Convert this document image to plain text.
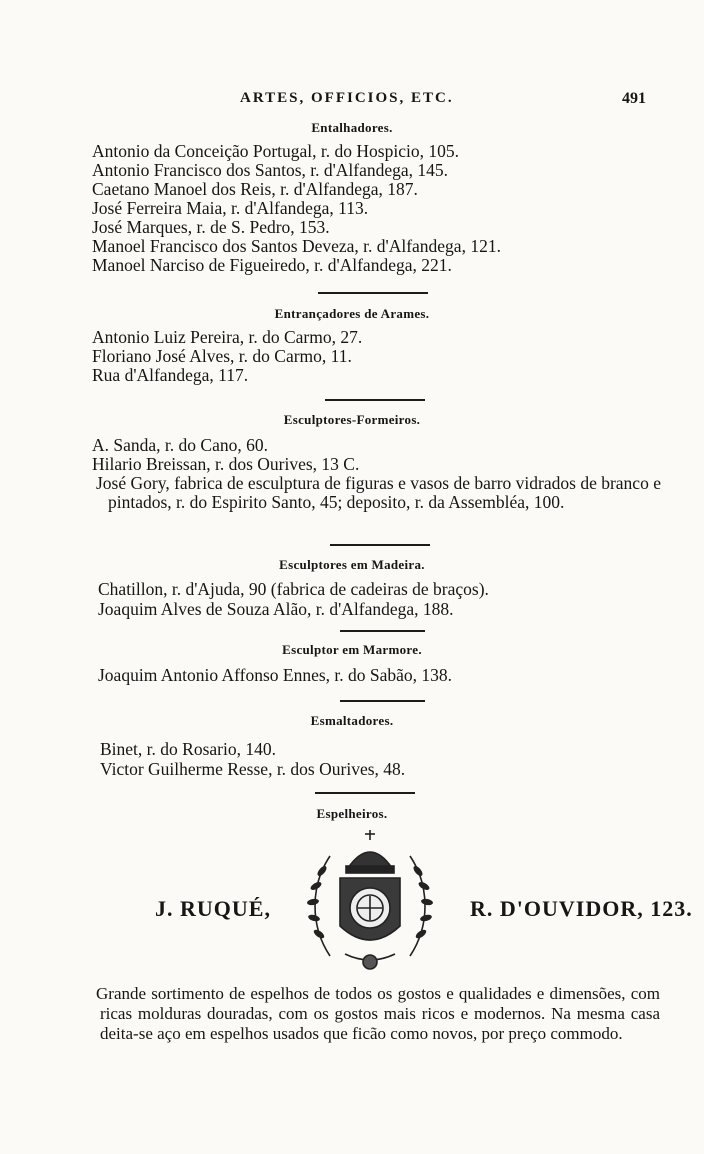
ARTES, OFFICIOS, ETC.	491
Entalhadores.
Antonio da Conceição Portugal, r. do Hospicio, 105.
Antonio Francisco dos Santos, r. d'Alfandega, 145.
Caetano Manoel dos Reis, r. d'Alfandega, 187.
José Ferreira Maia, r. d'Alfandega, 113.
José Marques, r. de S. Pedro, 153.
Manoel Francisco dos Santos Deveza, r. d'Alfandega, 121.
Manoel Narciso de Figueiredo, r. d'Alfandega, 221.
Entrançadores de Arames.
Antonio Luiz Pereira, r. do Carmo, 27.
Floriano José Alves, r. do Carmo, 11.
Rua d'Alfandega, 117.
Esculptores-Formeiros.
A. Sanda, r. do Cano, 60.
Hilario Breissan, r. dos Ourives, 13 C.
José Gory, fabrica de esculptura de figuras e vasos de barro vidrados de branco e pintados, r. do Espirito Santo, 45; deposito, r. da Assembléa, 100.
Esculptores em Madeira.
Chatillon, r. d'Ajuda, 90 (fabrica de cadeiras de braços).
Joaquim Alves de Souza Alão, r. d'Alfandega, 188.
Esculptor em Marmore.
Joaquim Antonio Affonso Ennes, r. do Sabão, 138.
Esmaltadores.
Binet, r. do Rosario, 140.
Victor Guilherme Resse, r. dos Ourives, 48.
Espelheiros.
J. RUQUÉ,	R. D'OUVIDOR, 123.
Grande sortimento de espelhos de todos os gostos e qualidades e dimensões, com ricas molduras douradas, com os gostos mais ricos e modernos. Na mesma casa deita-se aço em espelhos usados que ficão como novos, por preço commodo.
